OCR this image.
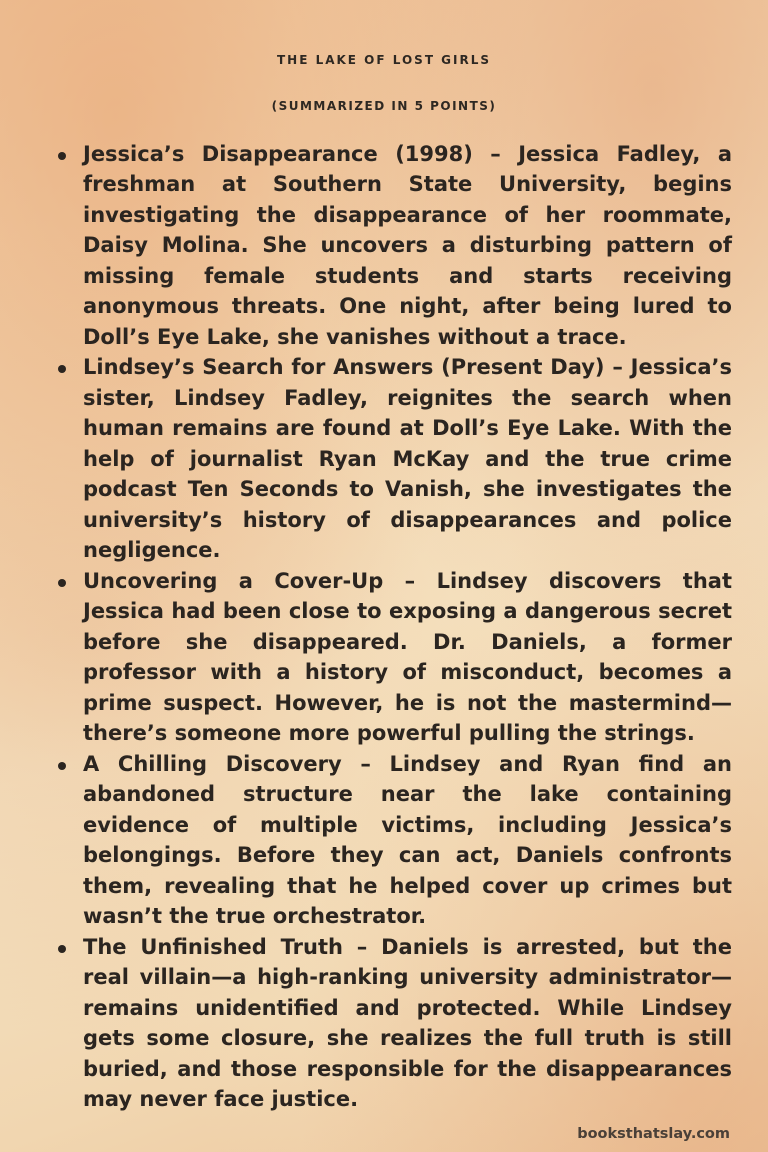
THE LAKE OF LOST GIRLS
(SUMMARIZED IN 5 POINTS)
Jessica’s Disappearance (1998) – Jessica Fadley, a freshman at Southern State University, begins investigating the disappearance of her roommate, Daisy Molina. She uncovers a disturbing pattern of missing female students and starts receiving anonymous threats. One night, after being lured to Doll’s Eye Lake, she vanishes without a trace.
Lindsey’s Search for Answers (Present Day) – Jessica’s sister, Lindsey Fadley, reignites the search when human remains are found at Doll’s Eye Lake. With the help of journalist Ryan McKay and the true crime podcast Ten Seconds to Vanish, she investigates the university’s history of disappearances and police negligence.
Uncovering a Cover-Up – Lindsey discovers that Jessica had been close to exposing a dangerous secret before she disappeared. Dr. Daniels, a former professor with a history of misconduct, becomes a prime suspect. However, he is not the mastermind—there’s someone more powerful pulling the strings.
A Chilling Discovery – Lindsey and Ryan find an abandoned structure near the lake containing evidence of multiple victims, including Jessica’s belongings. Before they can act, Daniels confronts them, revealing that he helped cover up crimes but wasn’t the true orchestrator.
The Unfinished Truth – Daniels is arrested, but the real villain—a high-ranking university administrator—remains unidentified and protected. While Lindsey gets some closure, she realizes the full truth is still buried, and those responsible for the disappearances may never face justice.
booksthatslay.com
